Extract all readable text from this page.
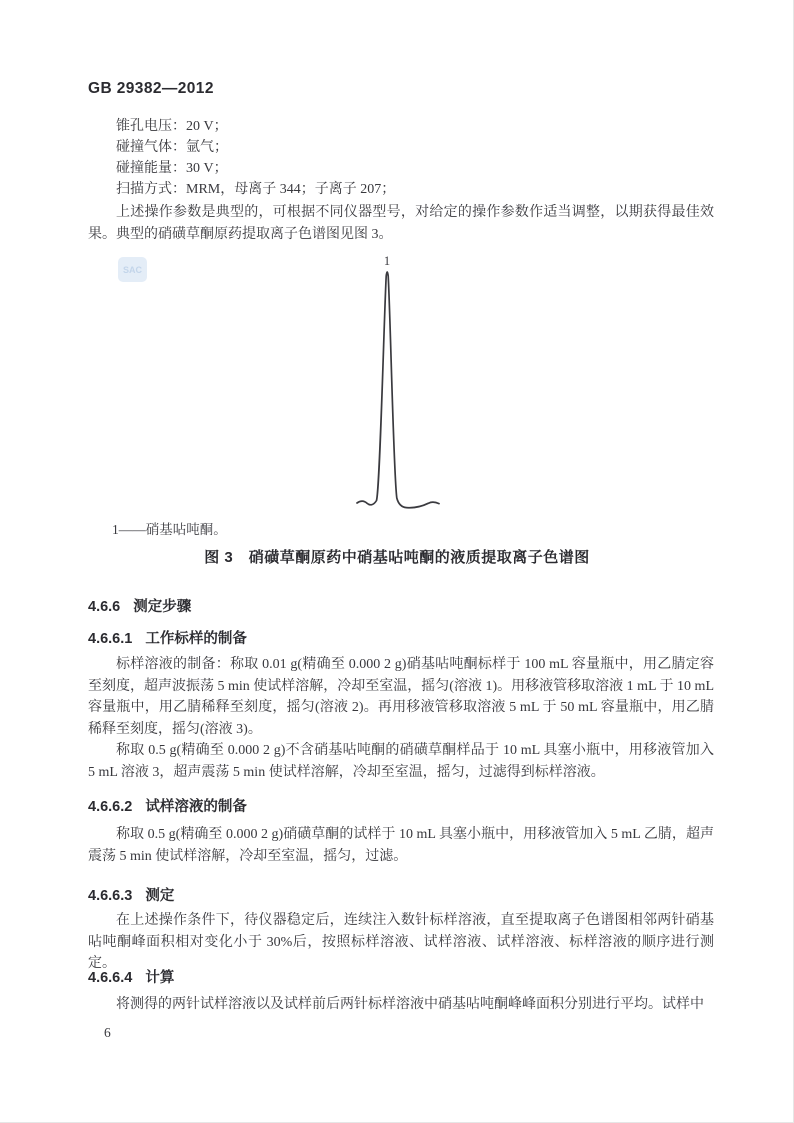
GB 29382—2012
锥孔电压：20 V；
碰撞气体：氩气；
碰撞能量：30 V；
扫描方式：MRM，母离子 344；子离子 207；
上述操作参数是典型的，可根据不同仪器型号，对给定的操作参数作适当调整，以期获得最佳效果。典型的硝磺草酮原药提取离子色谱图见图 3。
SAC
1
1——硝基呫吨酮。
图 3　硝磺草酮原药中硝基呫吨酮的液质提取离子色谱图
4.6.6 测定步骤
4.6.6.1 工作标样的制备
标样溶液的制备：称取 0.01 g(精确至 0.000 2 g)硝基呫吨酮标样于 100 mL 容量瓶中，用乙腈定容至刻度，超声波振荡 5 min 使试样溶解，冷却至室温，摇匀(溶液 1)。用移液管移取溶液 1 mL 于 10 mL 容量瓶中，用乙腈稀释至刻度，摇匀(溶液 2)。再用移液管移取溶液 5 mL 于 50 mL 容量瓶中，用乙腈稀释至刻度，摇匀(溶液 3)。
称取 0.5 g(精确至 0.000 2 g)不含硝基呫吨酮的硝磺草酮样品于 10 mL 具塞小瓶中，用移液管加入 5 mL 溶液 3，超声震荡 5 min 使试样溶解，冷却至室温，摇匀，过滤得到标样溶液。
4.6.6.2 试样溶液的制备
称取 0.5 g(精确至 0.000 2 g)硝磺草酮的试样于 10 mL 具塞小瓶中，用移液管加入 5 mL 乙腈，超声震荡 5 min 使试样溶解，冷却至室温，摇匀，过滤。
4.6.6.3 测定
在上述操作条件下，待仪器稳定后，连续注入数针标样溶液，直至提取离子色谱图相邻两针硝基呫吨酮峰面积相对变化小于 30%后，按照标样溶液、试样溶液、试样溶液、标样溶液的顺序进行测定。
4.6.6.4 计算
将测得的两针试样溶液以及试样前后两针标样溶液中硝基呫吨酮峰峰面积分别进行平均。试样中
6
